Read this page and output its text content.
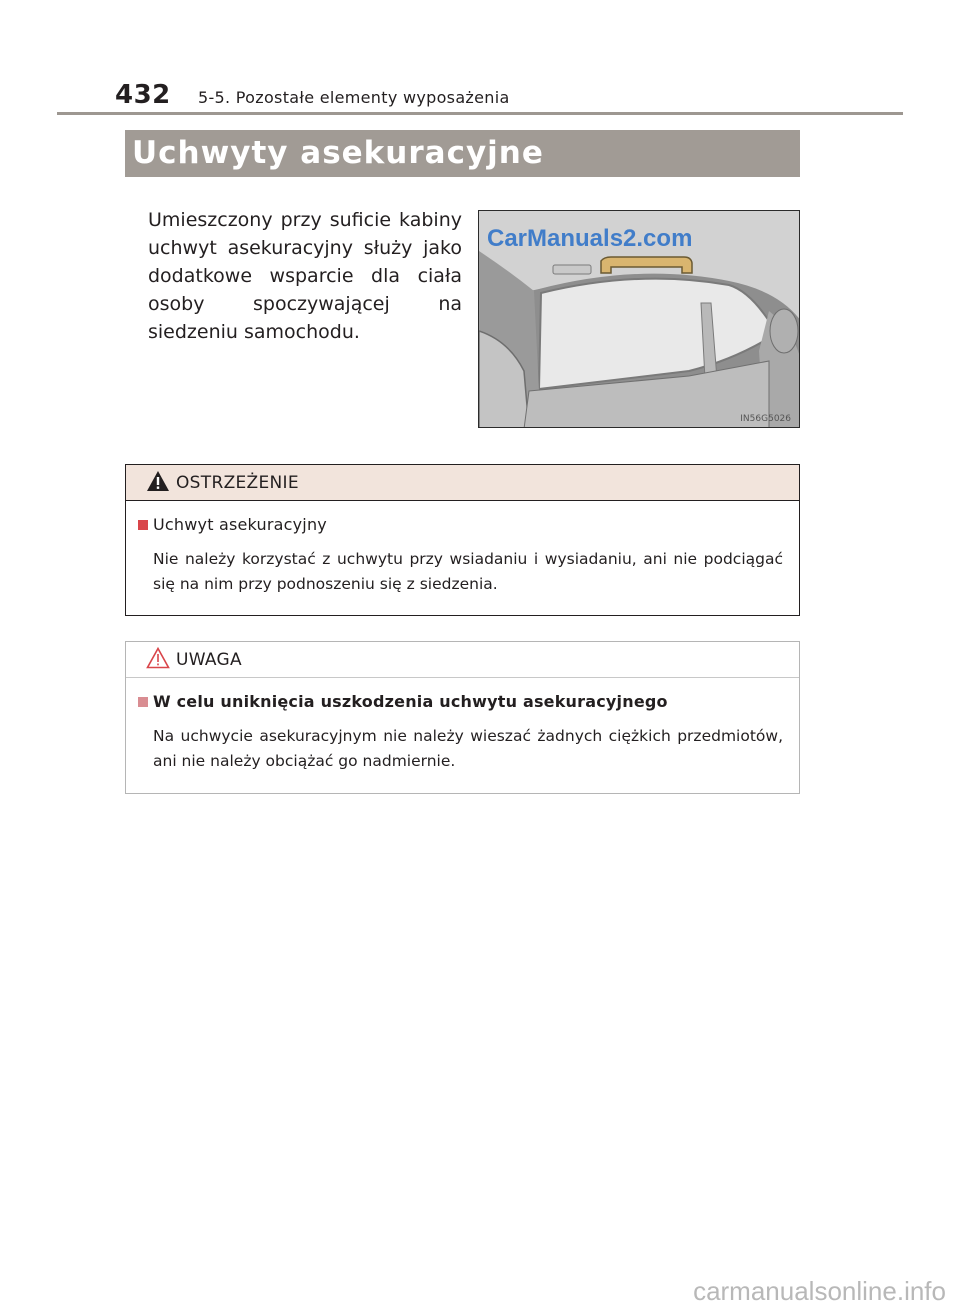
432 5-5. Pozostałe elementy wyposażenia
Uchwyty asekuracyjne
Umieszczony przy suficie kabiny uchwyt asekuracyjny służy jako dodatkowe wsparcie dla ciała osoby spoczywającej na siedzeniu samochodu.
CarManuals2.com
IN56G5026
OSTRZEŻENIE
Uchwyt asekuracyjny
Nie należy korzystać z uchwytu przy wsiadaniu i wysiadaniu, ani nie podciągać się na nim przy podnoszeniu się z siedzenia.
UWAGA
W celu uniknięcia uszkodzenia uchwytu asekuracyjnego
Na uchwycie asekuracyjnym nie należy wieszać żadnych ciężkich przedmiotów, ani nie należy obciążać go nadmiernie.
carmanualsonline.info
